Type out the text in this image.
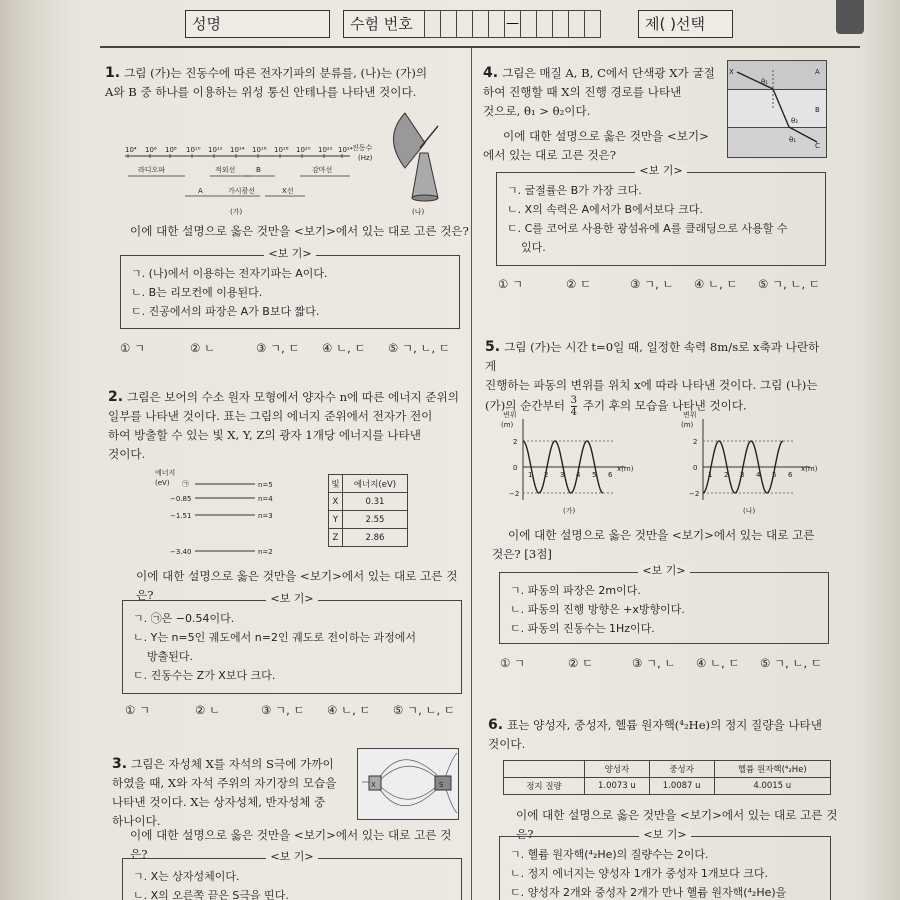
성명	수험 번호	—	제( )선택
1. 그림 (가)는 진동수에 따른 전자기파의 분류를, (나)는 (가)의
A와 B 중 하나를 이용하는 위성 통신 안테나를 나타낸 것이다.
10⁴ 10⁶ 10⁸ 10¹⁰ 10¹² 10¹⁴ 10¹⁶ 10¹⁸ 10²⁰ 10²² 10²⁴ 진동수
(Hz)
라디오파	적외선	B	감마선
A	가시광선	X선
(가)	(나)
이에 대한 설명으로 옳은 것만을 <보기>에서 있는 대로 고른 것은?
<보 기>
ㄱ. (나)에서 이용하는 전자기파는 A이다.
ㄴ. B는 리모컨에 이용된다.
ㄷ. 진공에서의 파장은 A가 B보다 짧다.
① ㄱ	② ㄴ	③ ㄱ, ㄷ	④ ㄴ, ㄷ	⑤ ㄱ, ㄴ, ㄷ
2. 그림은 보어의 수소 원자 모형에서 양자수 n에 따른 에너지 준위의
일부를 나타낸 것이다. 표는 그림의 에너지 준위에서 전자가 전이
하여 방출할 수 있는 빛 X, Y, Z의 광자 1개당 에너지를 나타낸
것이다.
에너지
(eV) ㉠
−0.85
−1.51
−3.40
n=5
n=4
n=3
n=2
빛	에너지(eV)
X	0.31
Y	2.55
Z	2.86
이에 대한 설명으로 옳은 것만을 <보기>에서 있는 대로 고른 것은?	<보 기>
ㄱ. ㉠은 −0.54이다.
ㄴ. Y는 n=5인 궤도에서 n=2인 궤도로 전이하는 과정에서
방출된다.
ㄷ. 진동수는 Z가 X보다 크다.
① ㄱ	② ㄴ	③ ㄱ, ㄷ	④ ㄴ, ㄷ	⑤ ㄱ, ㄴ, ㄷ
3. 그림은 자성체 X를 자석의 S극에 가까이
하였을 때, X와 자석 주위의 자기장의 모습을
나타낸 것이다. X는 상자성체, 반자성체 중
하나이다.
X	S
이에 대한 설명으로 옳은 것만을 <보기>에서 있는 대로 고른 것은?	<보 기>
ㄱ. X는 상자성체이다.
ㄴ. X의 오른쪽 끝은 S극을 띤다.
4. 그림은 매질 A, B, C에서 단색광 X가 굴절
하여 진행할 때 X의 진행 경로를 나타낸
것으로, θ₁ > θ₂이다.
이에 대한 설명으로 옳은 것만을 <보기>
에서 있는 대로 고른 것은?
X
θ₁
A
B
C
θ₂
θ₁
<보 기>
ㄱ. 굴절률은 B가 가장 크다.
ㄴ. X의 속력은 A에서가 B에서보다 크다.
ㄷ. C를 코어로 사용한 광섬유에 A를 클래딩으로 사용할 수
있다.
① ㄱ	② ㄷ	③ ㄱ, ㄴ	④ ㄴ, ㄷ	⑤ ㄱ, ㄴ, ㄷ
5. 그림 (가)는 시간 t=0일 때, 일정한 속력 8m/s로 x축과 나란하게
진행하는 파동의 변위를 위치 x에 따라 나타낸 것이다. 그림 (나)는
(가)의 순간부터 $\frac{3}{4}$ 주기 후의 모습을 나타낸 것이다.
변위
(m)
2
0
−2
1 2 3 4 5 6
x(m)
(가)
변위
(m)
2
0
−2
1 2 3 4 5 6
x(m)
(나)
이에 대한 설명으로 옳은 것만을 <보기>에서 있는 대로 고른
것은? [3점]
<보 기>
ㄱ. 파동의 파장은 2m이다.
ㄴ. 파동의 진행 방향은 +x방향이다.
ㄷ. 파동의 진동수는 1Hz이다.
① ㄱ	② ㄷ	③ ㄱ, ㄴ	④ ㄴ, ㄷ	⑤ ㄱ, ㄴ, ㄷ
6. 표는 양성자, 중성자, 헬륨 원자핵(⁴₂He)의 정지 질량을 나타낸
것이다.
	양성자	중성자	헬륨 원자핵(⁴₂He)
정지 질량	1.0073 u	1.0087 u	4.0015 u
이에 대한 설명으로 옳은 것만을 <보기>에서 있는 대로 고른 것은?	<보 기>
ㄱ. 헬륨 원자핵(⁴₂He)의 질량수는 2이다.
ㄴ. 정지 에너지는 양성자 1개가 중성자 1개보다 크다.
ㄷ. 양성자 2개와 중성자 2개가 만나 헬륨 원자핵(⁴₂He)을
